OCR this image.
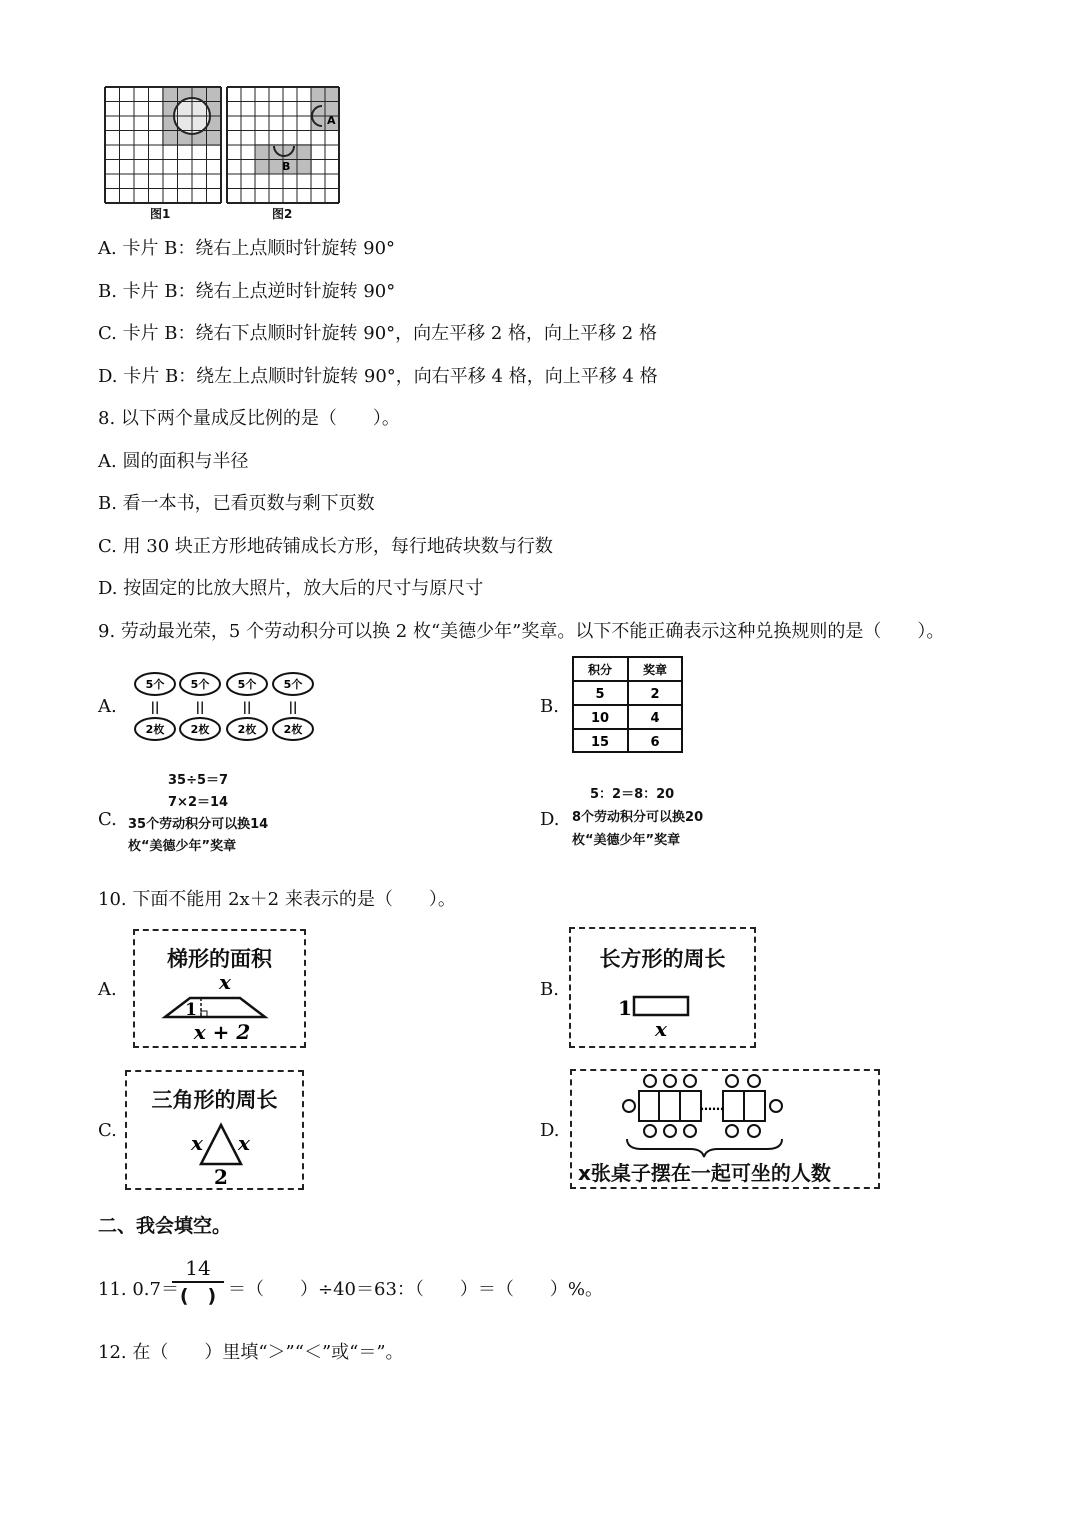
图1
A
B
图2
A. 卡片 B：绕右上点顺时针旋转 90°
B. 卡片 B：绕右上点逆时针旋转 90°
C. 卡片 B：绕右下点顺时针旋转 90°，向左平移 2 格，向上平移 2 格
D. 卡片 B：绕左上点顺时针旋转 90°，向右平移 4 格，向上平移 4 格
8. 以下两个量成反比例的是（　　）。
A. 圆的面积与半径
B. 看一本书，已看页数与剩下页数
C. 用 30 块正方形地砖铺成长方形，每行地砖块数与行数
D. 按固定的比放大照片，放大后的尺寸与原尺寸
9. 劳动最光荣，5 个劳动积分可以换 2 枚“美德少年”奖章。以下不能正确表示这种兑换规则的是（　　）。
A.
5个 5个	5个 5个
||	||	||	||
2枚 2枚	2枚 2枚
B.
积分	奖章
5	2
10	4
15	6
C.
35÷5＝7
7×2＝14
35个劳动积分可以换14
枚“美德少年”奖章
D.
5：2＝8：20
8个劳动积分可以换20
枚“美德少年”奖章
10. 下面不能用 2x＋2 来表示的是（　　）。
A.
梯形的面积
x
1
x + 2
B.
长方形的周长
1
x
C.
三角形的周长
x x
2
D.
……
x张桌子摆在一起可坐的人数
二、我会填空。
11. 0.7＝
14
(　) ＝（　　）÷40＝63：（　　）＝（　　）%。
12. 在（　　）里填“＞”“＜”或“＝”。
